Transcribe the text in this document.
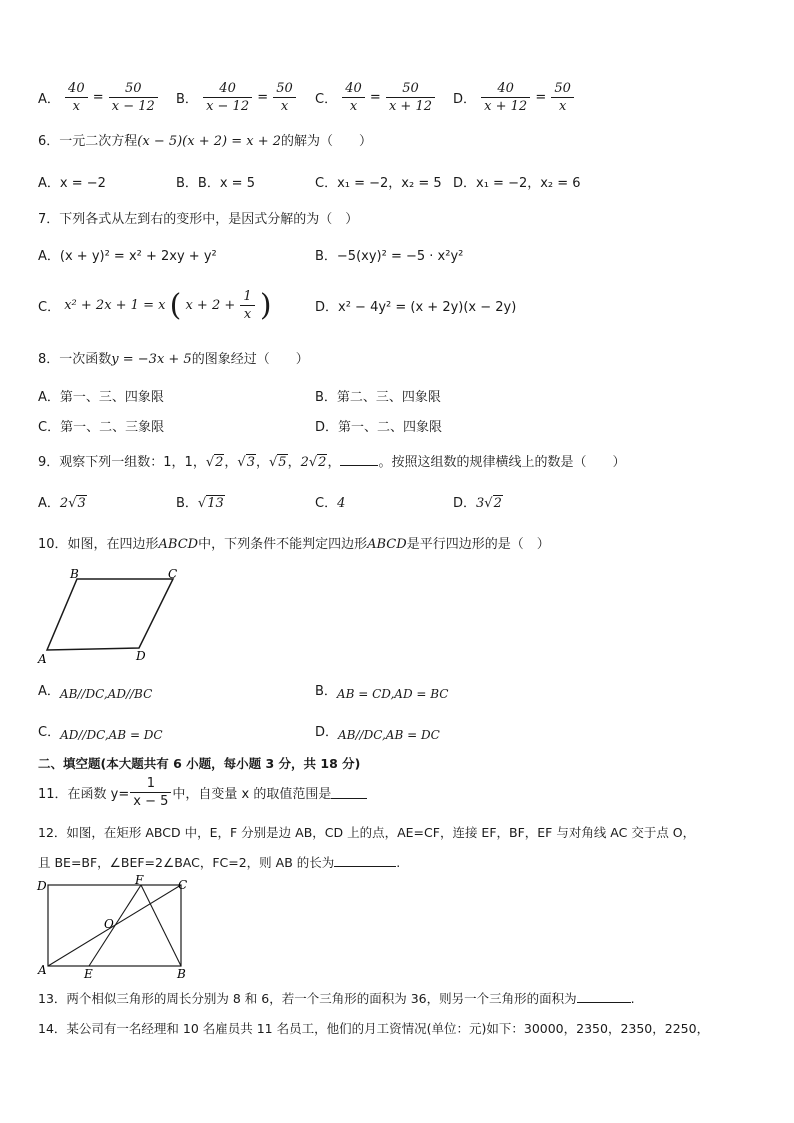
A． $\frac{40}{x} = \frac{50}{x - 12}$ B． $\frac{40}{x - 12} = \frac{50}{x}$ C． $\frac{40}{x} = \frac{50}{x + 12}$ D． $\frac{40}{x + 12} = \frac{50}{x}$
6．一元二次方程(x − 5)(x + 2) = x + 2的解为（　　）
A．x = −2	B．B．x = 5	C．x₁ = −2，x₂ = 5 D．x₁ = −2，x₂ = 6
7．下列各式从左到右的变形中，是因式分解的为（　）
A．(x + y)² = x² + 2xy + y²	B．−5(xy)² = −5 · x²y²
C． x² + 2x + 1 = x ( $x + 2 + \frac{1}{x}$ )	D．x² − 4y² = (x + 2y)(x − 2y)
8．一次函数y = −3x + 5的图象经过（　　）
A．第一、三、四象限	B．第二、三、四象限
C．第一、二、三象限	D．第一、二、四象限
9．观察下列一组数：1，1，√2，√3，√5，2√2，	。按照这组数的规律横线上的数是（　　）
A．2√3	B．√13	C．4	D．3√2
10．如图，在四边形ABCD中，下列条件不能判定四边形ABCD是平行四边形的是（　）
B	C
A	D
A．AB//DC,AD//BC	B．AB = CD,AD = BC
C．AD//DC,AB = DC	D．AB//DC,AB = DC
二、填空题(本大题共有 6 小题，每小题 3 分，共 18 分)
11．在函数 $y= \frac{1}{x - 5}$ 中，自变量 x 的取值范围是
12．如图，在矩形 ABCD 中，E，F 分别是边 AB，CD 上的点，AE=CF，连接 EF，BF，EF 与对角线 AC 交于点 O，
且 BE=BF，∠BEF=2∠BAC，FC=2，则 AB 的长为	.
D	F	C
O
A	E	B
13．两个相似三角形的周长分别为 8 和 6，若一个三角形的面积为 36，则另一个三角形的面积为	.
14．某公司有一名经理和 10 名雇员共 11 名员工，他们的月工资情况(单位：元)如下：30000，2350，2350，2250，
